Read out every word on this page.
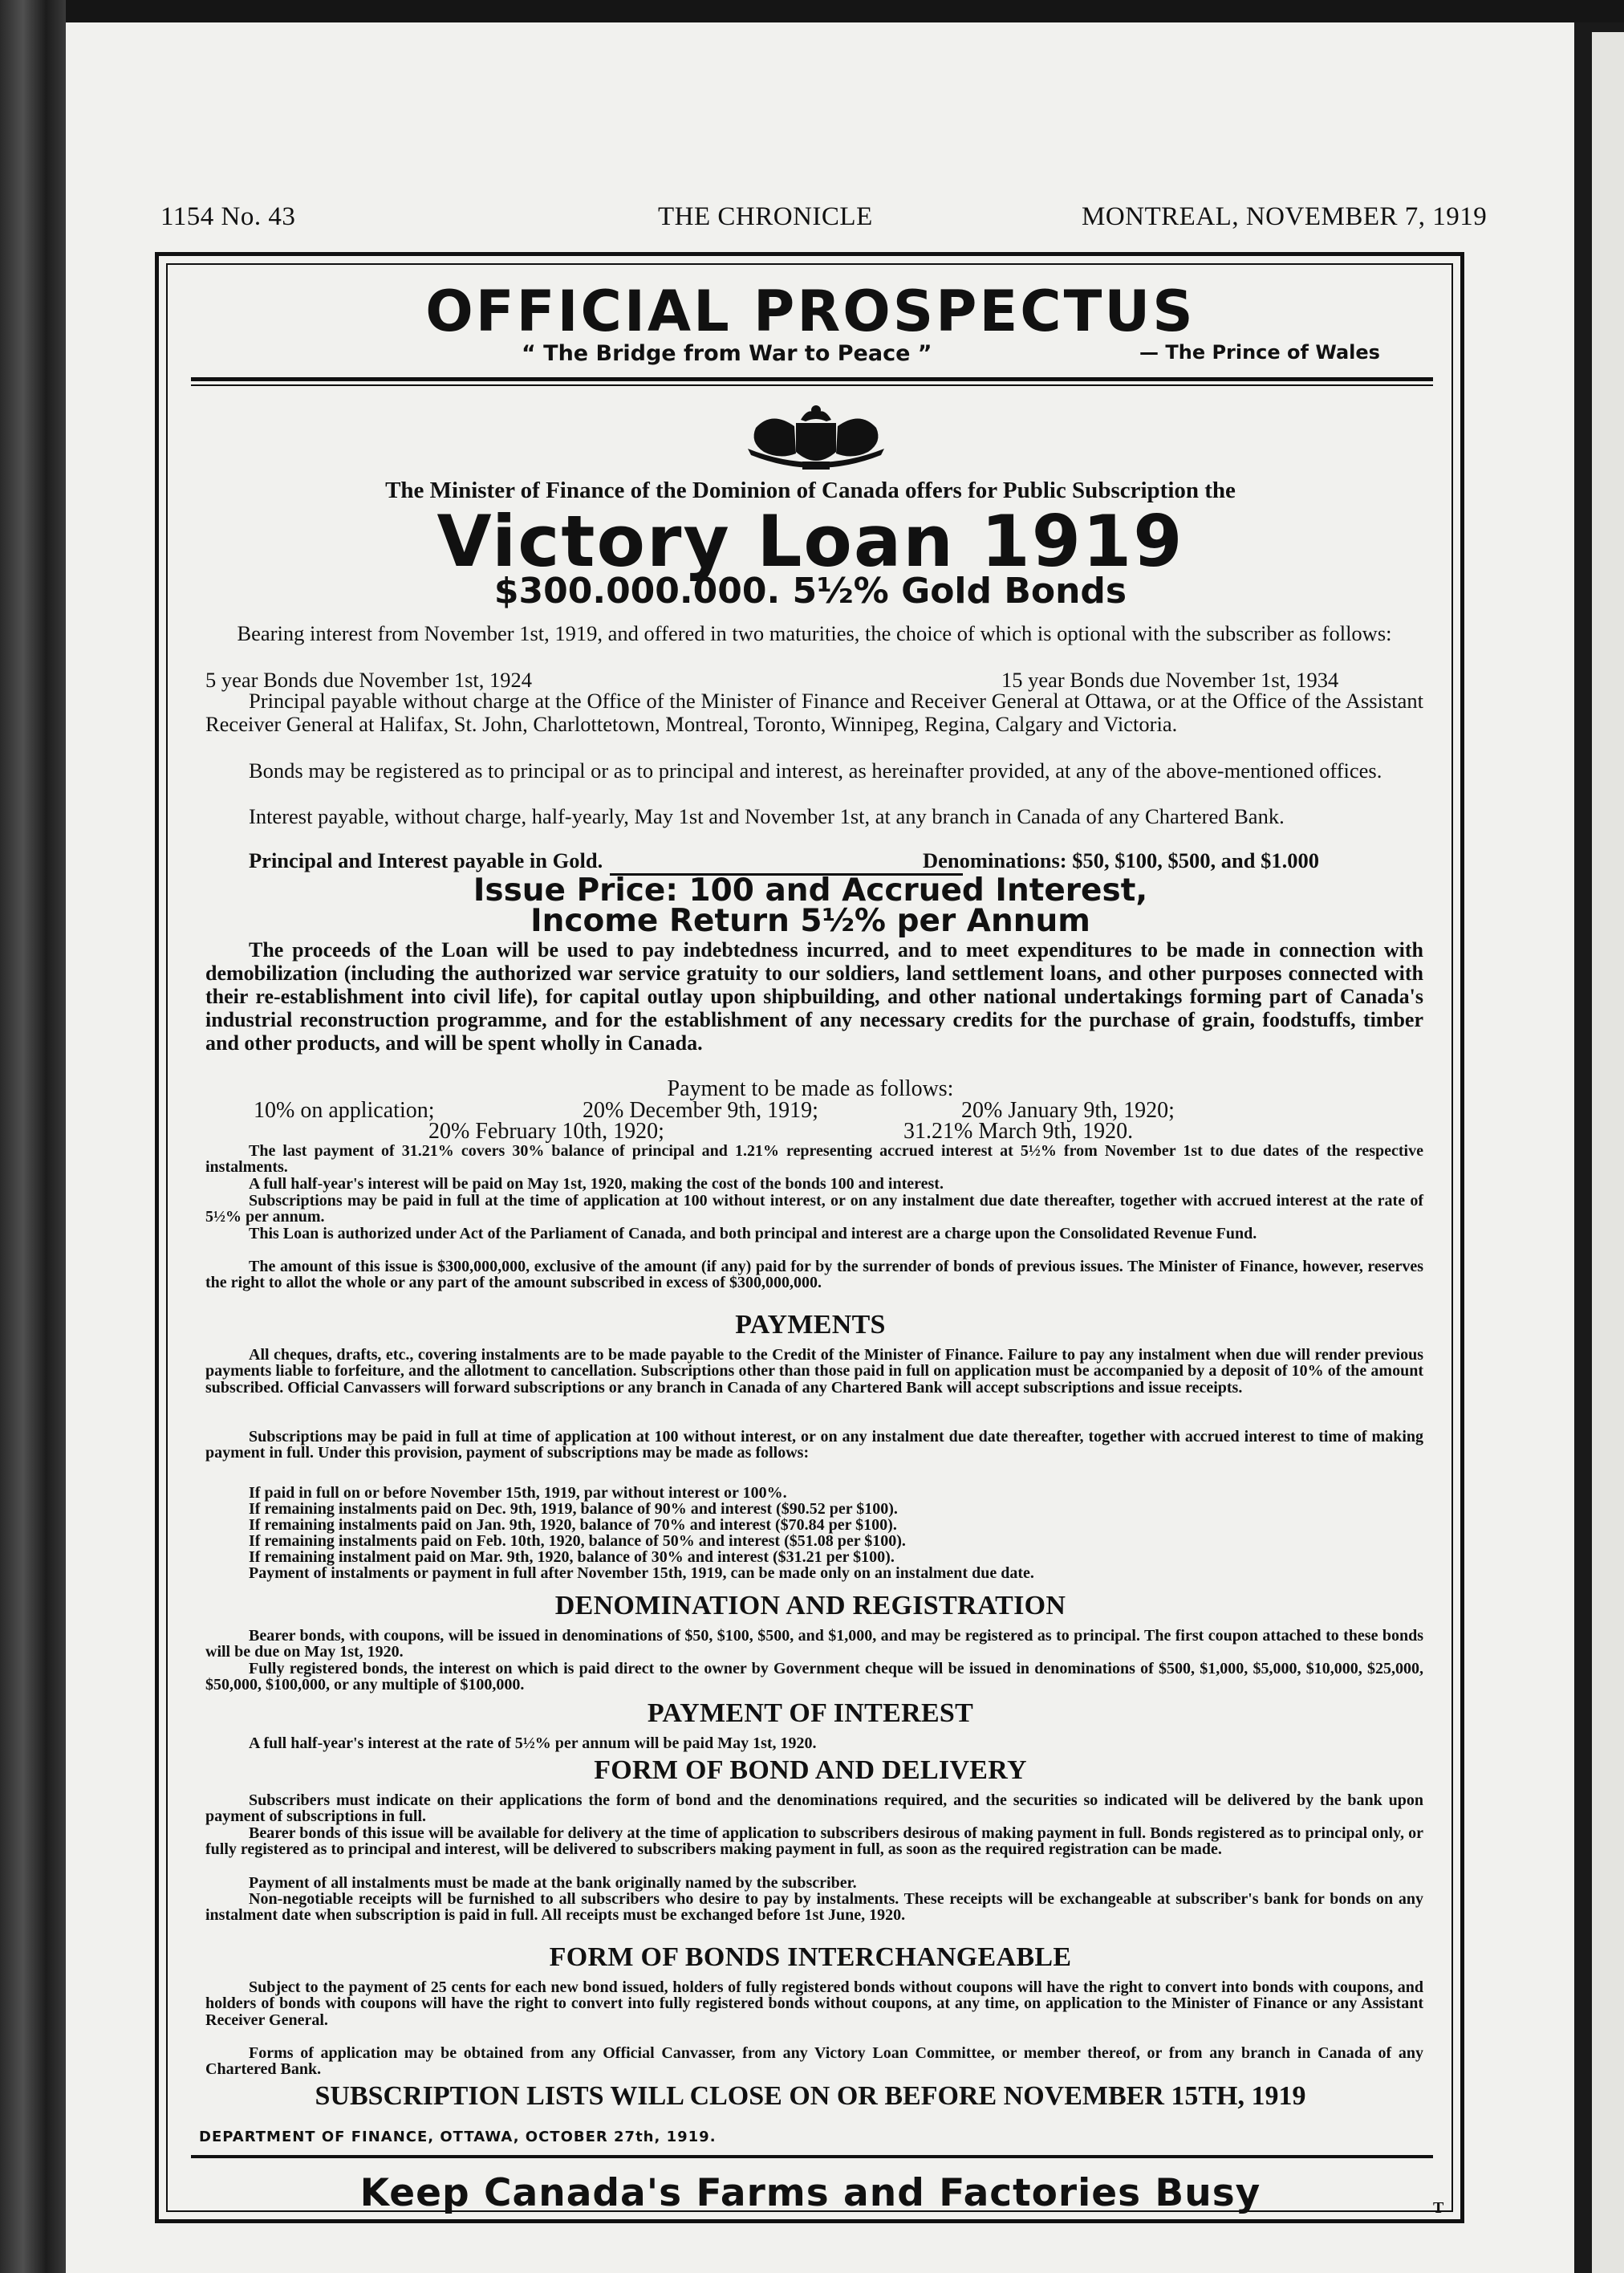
1154 No. 43	THE CHRONICLE	MONTREAL, NOVEMBER 7, 1919
OFFICIAL PROSPECTUS
“ The Bridge from War to Peace ”	— The Prince of Wales
The Minister of Finance of the Dominion of Canada offers for Public Subscription the
Victory Loan 1919
$300.000.000. 5½% Gold Bonds
Bearing interest from November 1st, 1919, and offered in two maturities, the choice of which is optional with the subscriber as follows:
5 year Bonds due November 1st, 1924	15 year Bonds due November 1st, 1934
Principal payable without charge at the Office of the Minister of Finance and Receiver General at Ottawa, or at the Office of the Assistant Receiver General at Halifax, St. John, Charlottetown, Montreal, Toronto, Winnipeg, Regina, Calgary and Victoria.
Bonds may be registered as to principal or as to principal and interest, as hereinafter provided, at any of the above-mentioned offices.
Interest payable, without charge, half-yearly, May 1st and November 1st, at any branch in Canada of any Chartered Bank.
Principal and Interest payable in Gold.	Denominations: $50, $100, $500, and $1.000
Issue Price: 100 and Accrued Interest,
Income Return 5½% per Annum
The proceeds of the Loan will be used to pay indebtedness incurred, and to meet expenditures to be made in connection with demobilization (including the authorized war service gratuity to our soldiers, land settlement loans, and other purposes connected with their re-establishment into civil life), for capital outlay upon shipbuilding, and other national undertakings forming part of Canada's industrial reconstruction programme, and for the establishment of any necessary credits for the purchase of grain, foodstuffs, timber and other products, and will be spent wholly in Canada.
Payment to be made as follows:
10% on application;	20% December 9th, 1919;	20% January 9th, 1920;
20% February 10th, 1920;	31.21% March 9th, 1920.
The last payment of 31.21% covers 30% balance of principal and 1.21% representing accrued interest at 5½% from November 1st to due dates of the respective instalments.
A full half-year's interest will be paid on May 1st, 1920, making the cost of the bonds 100 and interest.
Subscriptions may be paid in full at the time of application at 100 without interest, or on any instalment due date thereafter, together with accrued interest at the rate of 5½% per annum.
This Loan is authorized under Act of the Parliament of Canada, and both principal and interest are a charge upon the Consolidated Revenue Fund.
The amount of this issue is $300,000,000, exclusive of the amount (if any) paid for by the surrender of bonds of previous issues. The Minister of Finance, however, reserves the right to allot the whole or any part of the amount subscribed in excess of $300,000,000.
PAYMENTS
All cheques, drafts, etc., covering instalments are to be made payable to the Credit of the Minister of Finance. Failure to pay any instalment when due will render previous payments liable to forfeiture, and the allotment to cancellation. Subscriptions other than those paid in full on application must be accompanied by a deposit of 10% of the amount subscribed. Official Canvassers will forward subscriptions or any branch in Canada of any Chartered Bank will accept subscriptions and issue receipts.
Subscriptions may be paid in full at time of application at 100 without interest, or on any instalment due date thereafter, together with accrued interest to time of making payment in full. Under this provision, payment of subscriptions may be made as follows:
If paid in full on or before November 15th, 1919, par without interest or 100%.
If remaining instalments paid on Dec. 9th, 1919, balance of 90% and interest ($90.52 per $100).
If remaining instalments paid on Jan. 9th, 1920, balance of 70% and interest ($70.84 per $100).
If remaining instalments paid on Feb. 10th, 1920, balance of 50% and interest ($51.08 per $100).
If remaining instalment paid on Mar. 9th, 1920, balance of 30% and interest ($31.21 per $100).
Payment of instalments or payment in full after November 15th, 1919, can be made only on an instalment due date.
DENOMINATION AND REGISTRATION
Bearer bonds, with coupons, will be issued in denominations of $50, $100, $500, and $1,000, and may be registered as to principal. The first coupon attached to these bonds will be due on May 1st, 1920.
Fully registered bonds, the interest on which is paid direct to the owner by Government cheque will be issued in denominations of $500, $1,000, $5,000, $10,000, $25,000, $50,000, $100,000, or any multiple of $100,000.
PAYMENT OF INTEREST
A full half-year's interest at the rate of 5½% per annum will be paid May 1st, 1920.
FORM OF BOND AND DELIVERY
Subscribers must indicate on their applications the form of bond and the denominations required, and the securities so indicated will be delivered by the bank upon payment of subscriptions in full.
Bearer bonds of this issue will be available for delivery at the time of application to subscribers desirous of making payment in full. Bonds registered as to principal only, or fully registered as to principal and interest, will be delivered to subscribers making payment in full, as soon as the required registration can be made.
Payment of all instalments must be made at the bank originally named by the subscriber.
Non-negotiable receipts will be furnished to all subscribers who desire to pay by instalments. These receipts will be exchangeable at subscriber's bank for bonds on any instalment date when subscription is paid in full. All receipts must be exchanged before 1st June, 1920.
FORM OF BONDS INTERCHANGEABLE
Subject to the payment of 25 cents for each new bond issued, holders of fully registered bonds without coupons will have the right to convert into bonds with coupons, and holders of bonds with coupons will have the right to convert into fully registered bonds without coupons, at any time, on application to the Minister of Finance or any Assistant Receiver General.
Forms of application may be obtained from any Official Canvasser, from any Victory Loan Committee, or member thereof, or from any branch in Canada of any Chartered Bank.
SUBSCRIPTION LISTS WILL CLOSE ON OR BEFORE NOVEMBER 15TH, 1919
DEPARTMENT OF FINANCE, OTTAWA, OCTOBER 27th, 1919.
Keep Canada's Farms and Factories Busy	T
